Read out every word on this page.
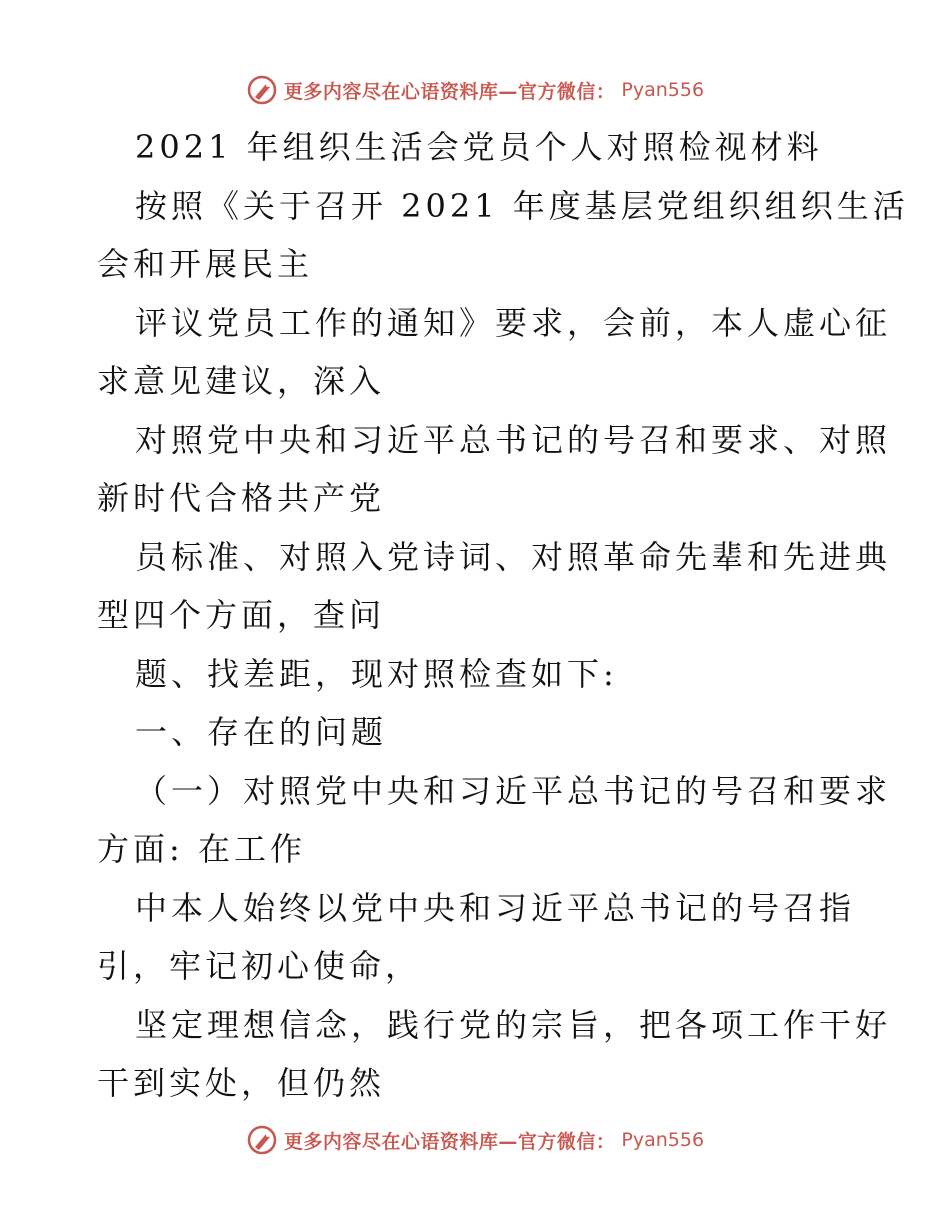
更多内容尽在心语资料库—官方微信： Pyan556
2021 年组织生活会党员个人对照检视材料
按照《关于召开 2021 年度基层党组织组织生活
会和开展民主
评议党员工作的通知》要求，会前，本人虚心征
求意见建议，深入
对照党中央和习近平总书记的号召和要求、对照
新时代合格共产党
员标准、对照入党诗词、对照革命先辈和先进典
型四个方面，查问
题、找差距，现对照检查如下:
一、存在的问题
（一）对照党中央和习近平总书记的号召和要求
方面: 在工作
中本人始终以党中央和习近平总书记的号召指
引，牢记初心使命，
坚定理想信念，践行党的宗旨，把各项工作干好
干到实处，但仍然
更多内容尽在心语资料库—官方微信： Pyan556
